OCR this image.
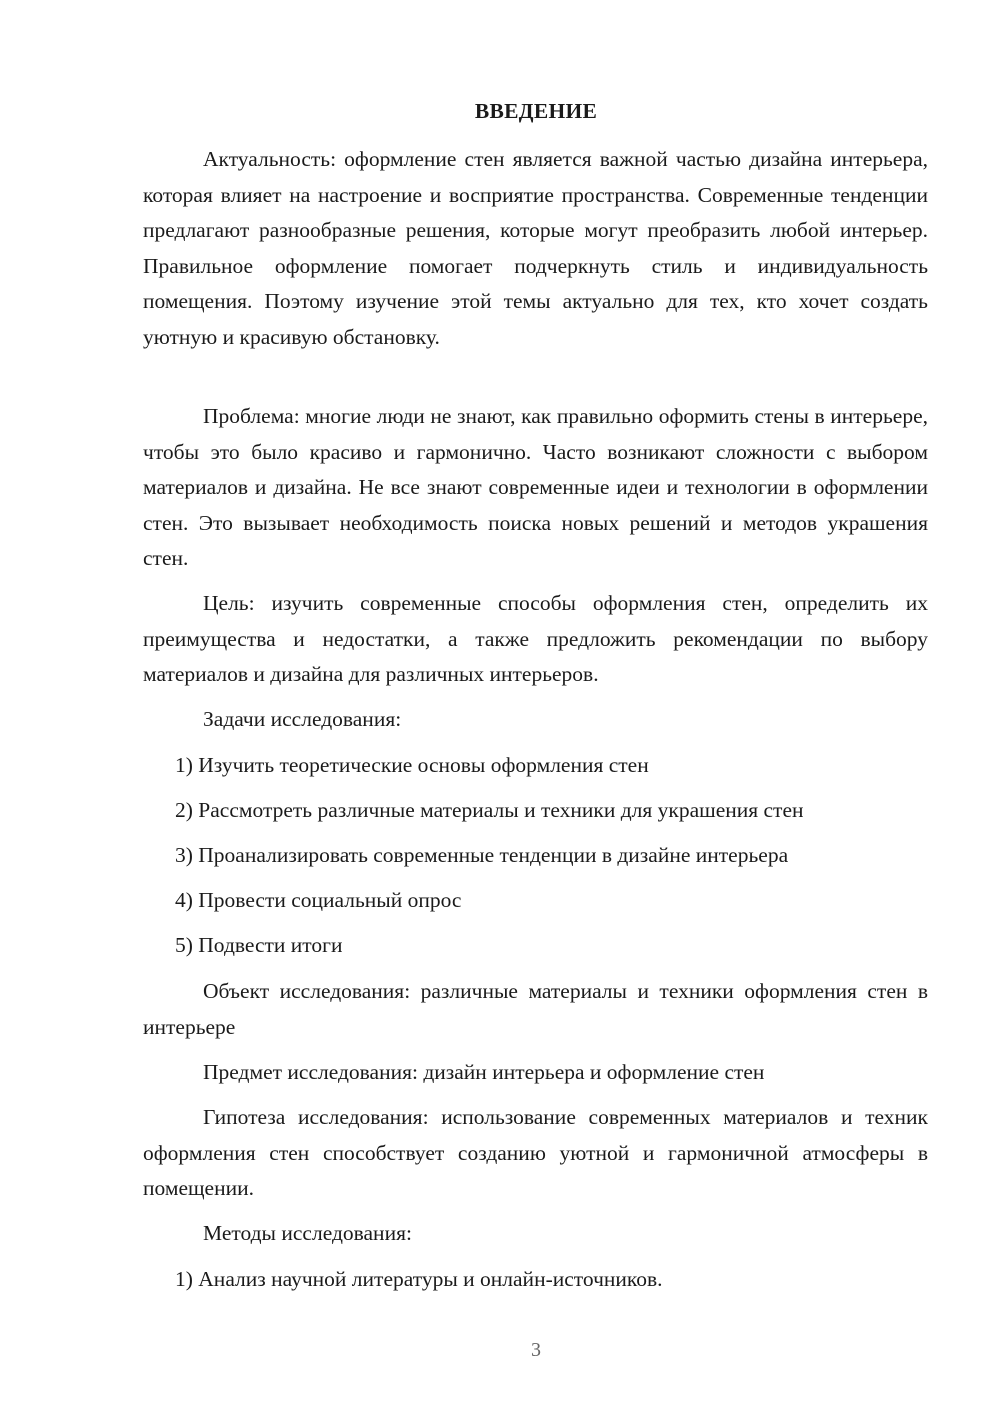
ВВЕДЕНИЕ

Актуальность: оформление стен является важной частью дизайна интерьера, которая влияет на настроение и восприятие пространства. Современные тенденции предлагают разнообразные решения, которые могут преобразить любой интерьер. Правильное оформление помогает подчеркнуть стиль и индивидуальность помещения. Поэтому изучение этой темы актуально для тех, кто хочет создать уютную и красивую обстановку.

Проблема: многие люди не знают, как правильно оформить стены в интерьере, чтобы это было красиво и гармонично. Часто возникают сложности с выбором материалов и дизайна. Не все знают современные идеи и технологии в оформлении стен. Это вызывает необходимость поиска новых решений и методов украшения стен.

Цель: изучить современные способы оформления стен, определить их преимущества и недостатки, а также предложить рекомендации по выбору материалов и дизайна для различных интерьеров.

Задачи исследования:

1) Изучить теоретические основы оформления стен

2) Рассмотреть различные материалы и техники для украшения стен

3) Проанализировать современные тенденции в дизайне интерьера

4) Провести социальный опрос

5) Подвести итоги

Объект исследования: различные материалы и техники оформления стен в интерьере

Предмет исследования: дизайн интерьера и оформление стен

Гипотеза исследования: использование современных материалов и техник оформления стен способствует созданию уютной и гармоничной атмосферы в помещении.

Методы исследования:

1) Анализ научной литературы и онлайн-источников.

3
